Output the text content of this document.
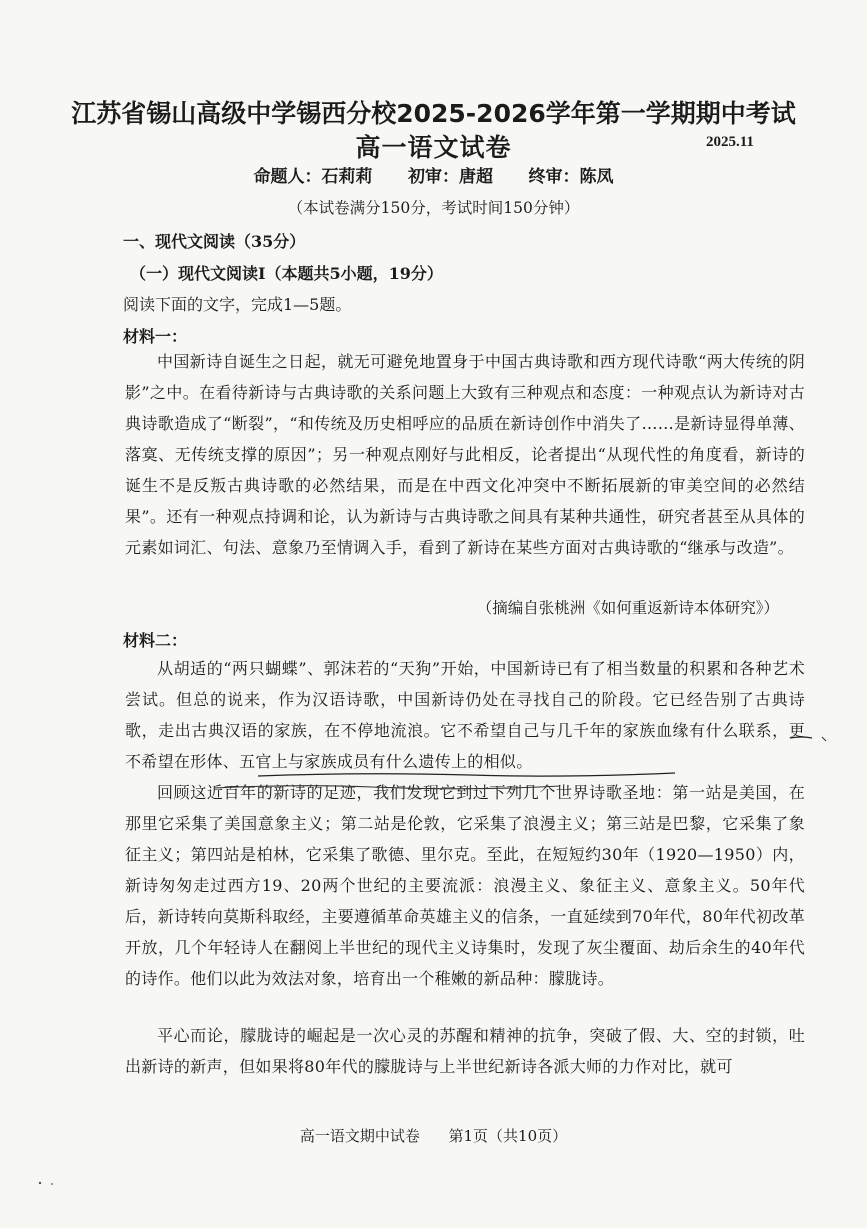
江苏省锡山高级中学锡西分校2025-2026学年第一学期期中考试
高一语文试卷	2025.11
命题人：石莉莉      初审：唐超      终审：陈凤
（本试卷满分150分，考试时间150分钟）
一、现代文阅读（35分）
（一）现代文阅读Ⅰ（本题共5小题，19分）
阅读下面的文字，完成1—5题。
材料一：
中国新诗自诞生之日起，就无可避免地置身于中国古典诗歌和西方现代诗歌“两大传统的阴影”之中。在看待新诗与古典诗歌的关系问题上大致有三种观点和态度：一种观点认为新诗对古典诗歌造成了“断裂”，“和传统及历史相呼应的品质在新诗创作中消失了……是新诗显得单薄、落寞、无传统支撑的原因”；另一种观点刚好与此相反，论者提出“从现代性的角度看，新诗的诞生不是反叛古典诗歌的必然结果，而是在中西文化冲突中不断拓展新的审美空间的必然结果”。还有一种观点持调和论，认为新诗与古典诗歌之间具有某种共通性，研究者甚至从具体的元素如词汇、句法、意象乃至情调入手，看到了新诗在某些方面对古典诗歌的“继承与改造”。
（摘编自张桃洲《如何重返新诗本体研究》）
材料二：
从胡适的“两只蝴蝶”、郭沫若的“天狗”开始，中国新诗已有了相当数量的积累和各种艺术尝试。但总的说来，作为汉语诗歌，中国新诗仍处在寻找自己的阶段。它已经告别了古典诗歌，走出古典汉语的家族，在不停地流浪。它不希望自己与几千年的家族血缘有什么联系，更不希望在形体、五官上与家族成员有什么遗传上的相似。
回顾这近百年的新诗的足迹，我们发现它到过下列几个世界诗歌圣地：第一站是美国，在那里它采集了美国意象主义；第二站是伦敦，它采集了浪漫主义；第三站是巴黎，它采集了象征主义；第四站是柏林，它采集了歌德、里尔克。至此，在短短约30年（1920—1950）内，新诗匆匆走过西方19、20两个世纪的主要流派：浪漫主义、象征主义、意象主义。50年代后，新诗转向莫斯科取经，主要遵循革命英雄主义的信条，一直延续到70年代，80年代初改革开放，几个年轻诗人在翻阅上半世纪的现代主义诗集时，发现了灰尘覆面、劫后余生的40年代的诗作。他们以此为效法对象，培育出一个稚嫩的新品种：朦胧诗。
平心而论，朦胧诗的崛起是一次心灵的苏醒和精神的抗争，突破了假、大、空的封锁，吐出新诗的新声，但如果将80年代的朦胧诗与上半世纪新诗各派大师的力作对比，就可
高一语文期中试卷      第1页（共10页）
